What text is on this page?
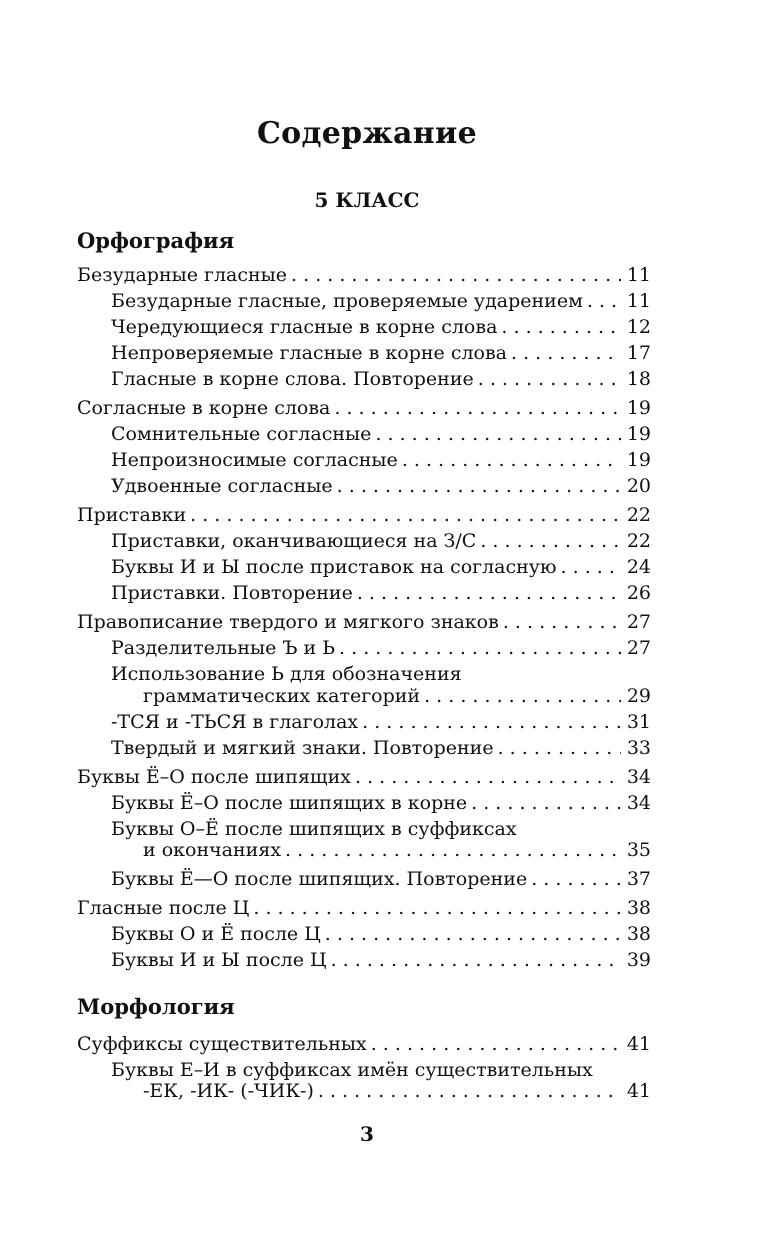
Содержание
5 КЛАСС
Орфография
Безударные гласные . . .	11
Безударные гласные, проверяемые ударением . . . 11
Чередующиеся гласные в корне слова . . .	12
Непроверяемые гласные в корне слова . . .	17
Гласные в корне слова. Повторение . . .	18
Согласные в корне слова . . .	19
Сомнительные согласные . . .	19
Непроизносимые согласные . . .	19
Удвоенные согласные . . .	20
Приставки . . .	22
Приставки, оканчивающиеся на З/С . . .	22
Буквы И и Ы после приставок на согласную . . .	24
Приставки. Повторение . . .	26
Правописание твердого и мягкого знаков . . .	27
Разделительные Ъ и Ь . . .	27
Использование Ь для обозначения
грамматических категорий . . .	29
-ТСЯ и -ТЬСЯ в глаголах . . .	31
Твердый и мягкий знаки. Повторение . . .	33
Буквы Ё–О после шипящих . . .	34
Буквы Ё–О после шипящих в корне . . .	34
Буквы О–Ё после шипящих в суффиксах
и окончаниях . . .	35
Буквы Ё—О после шипящих. Повторение . . .	37
Гласные после Ц . . .	38
Буквы О и Ё после Ц . . .	38
Буквы И и Ы после Ц . . .	39
Морфология
Суффиксы существительных . . .	41
Буквы Е–И в суффиксах имён существительных
-ЕК, -ИК- (-ЧИК-) . . .	41
3
